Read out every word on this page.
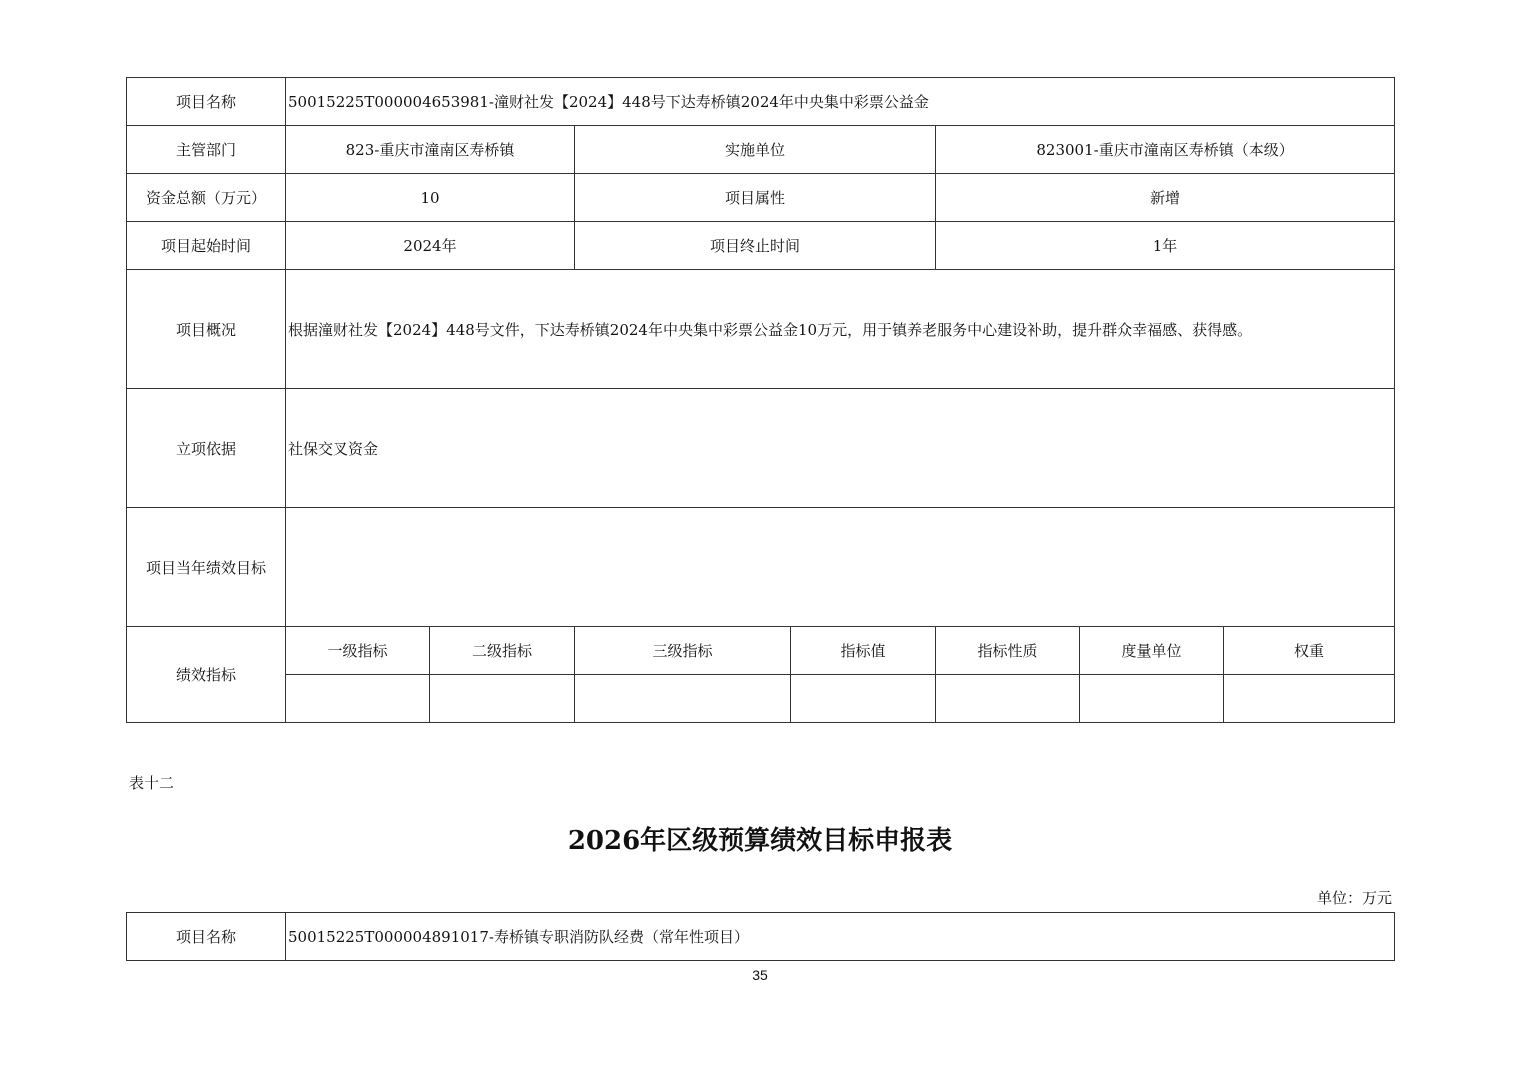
项目名称	50015225T000004653981-潼财社发【2024】448号下达寿桥镇2024年中央集中彩票公益金						
主管部门	823-重庆市潼南区寿桥镇		实施单位		823001-重庆市潼南区寿桥镇（本级）		
资金总额（万元）	10		项目属性		新增		
项目起始时间	2024年		项目终止时间		1年		
项目概况	根据潼财社发【2024】448号文件，下达寿桥镇2024年中央集中彩票公益金10万元，用于镇养老服务中心建设补助，提升群众幸福感、获得感。						
立项依据	社保交叉资金						
项目当年绩效目标							
绩效指标	一级指标	二级指标	三级指标	指标值	指标性质	度量单位	权重

表十二
2026年区级预算绩效目标申报表
单位：万元
项目名称	50015225T000004891017-寿桥镇专职消防队经费（常年性项目）
35
